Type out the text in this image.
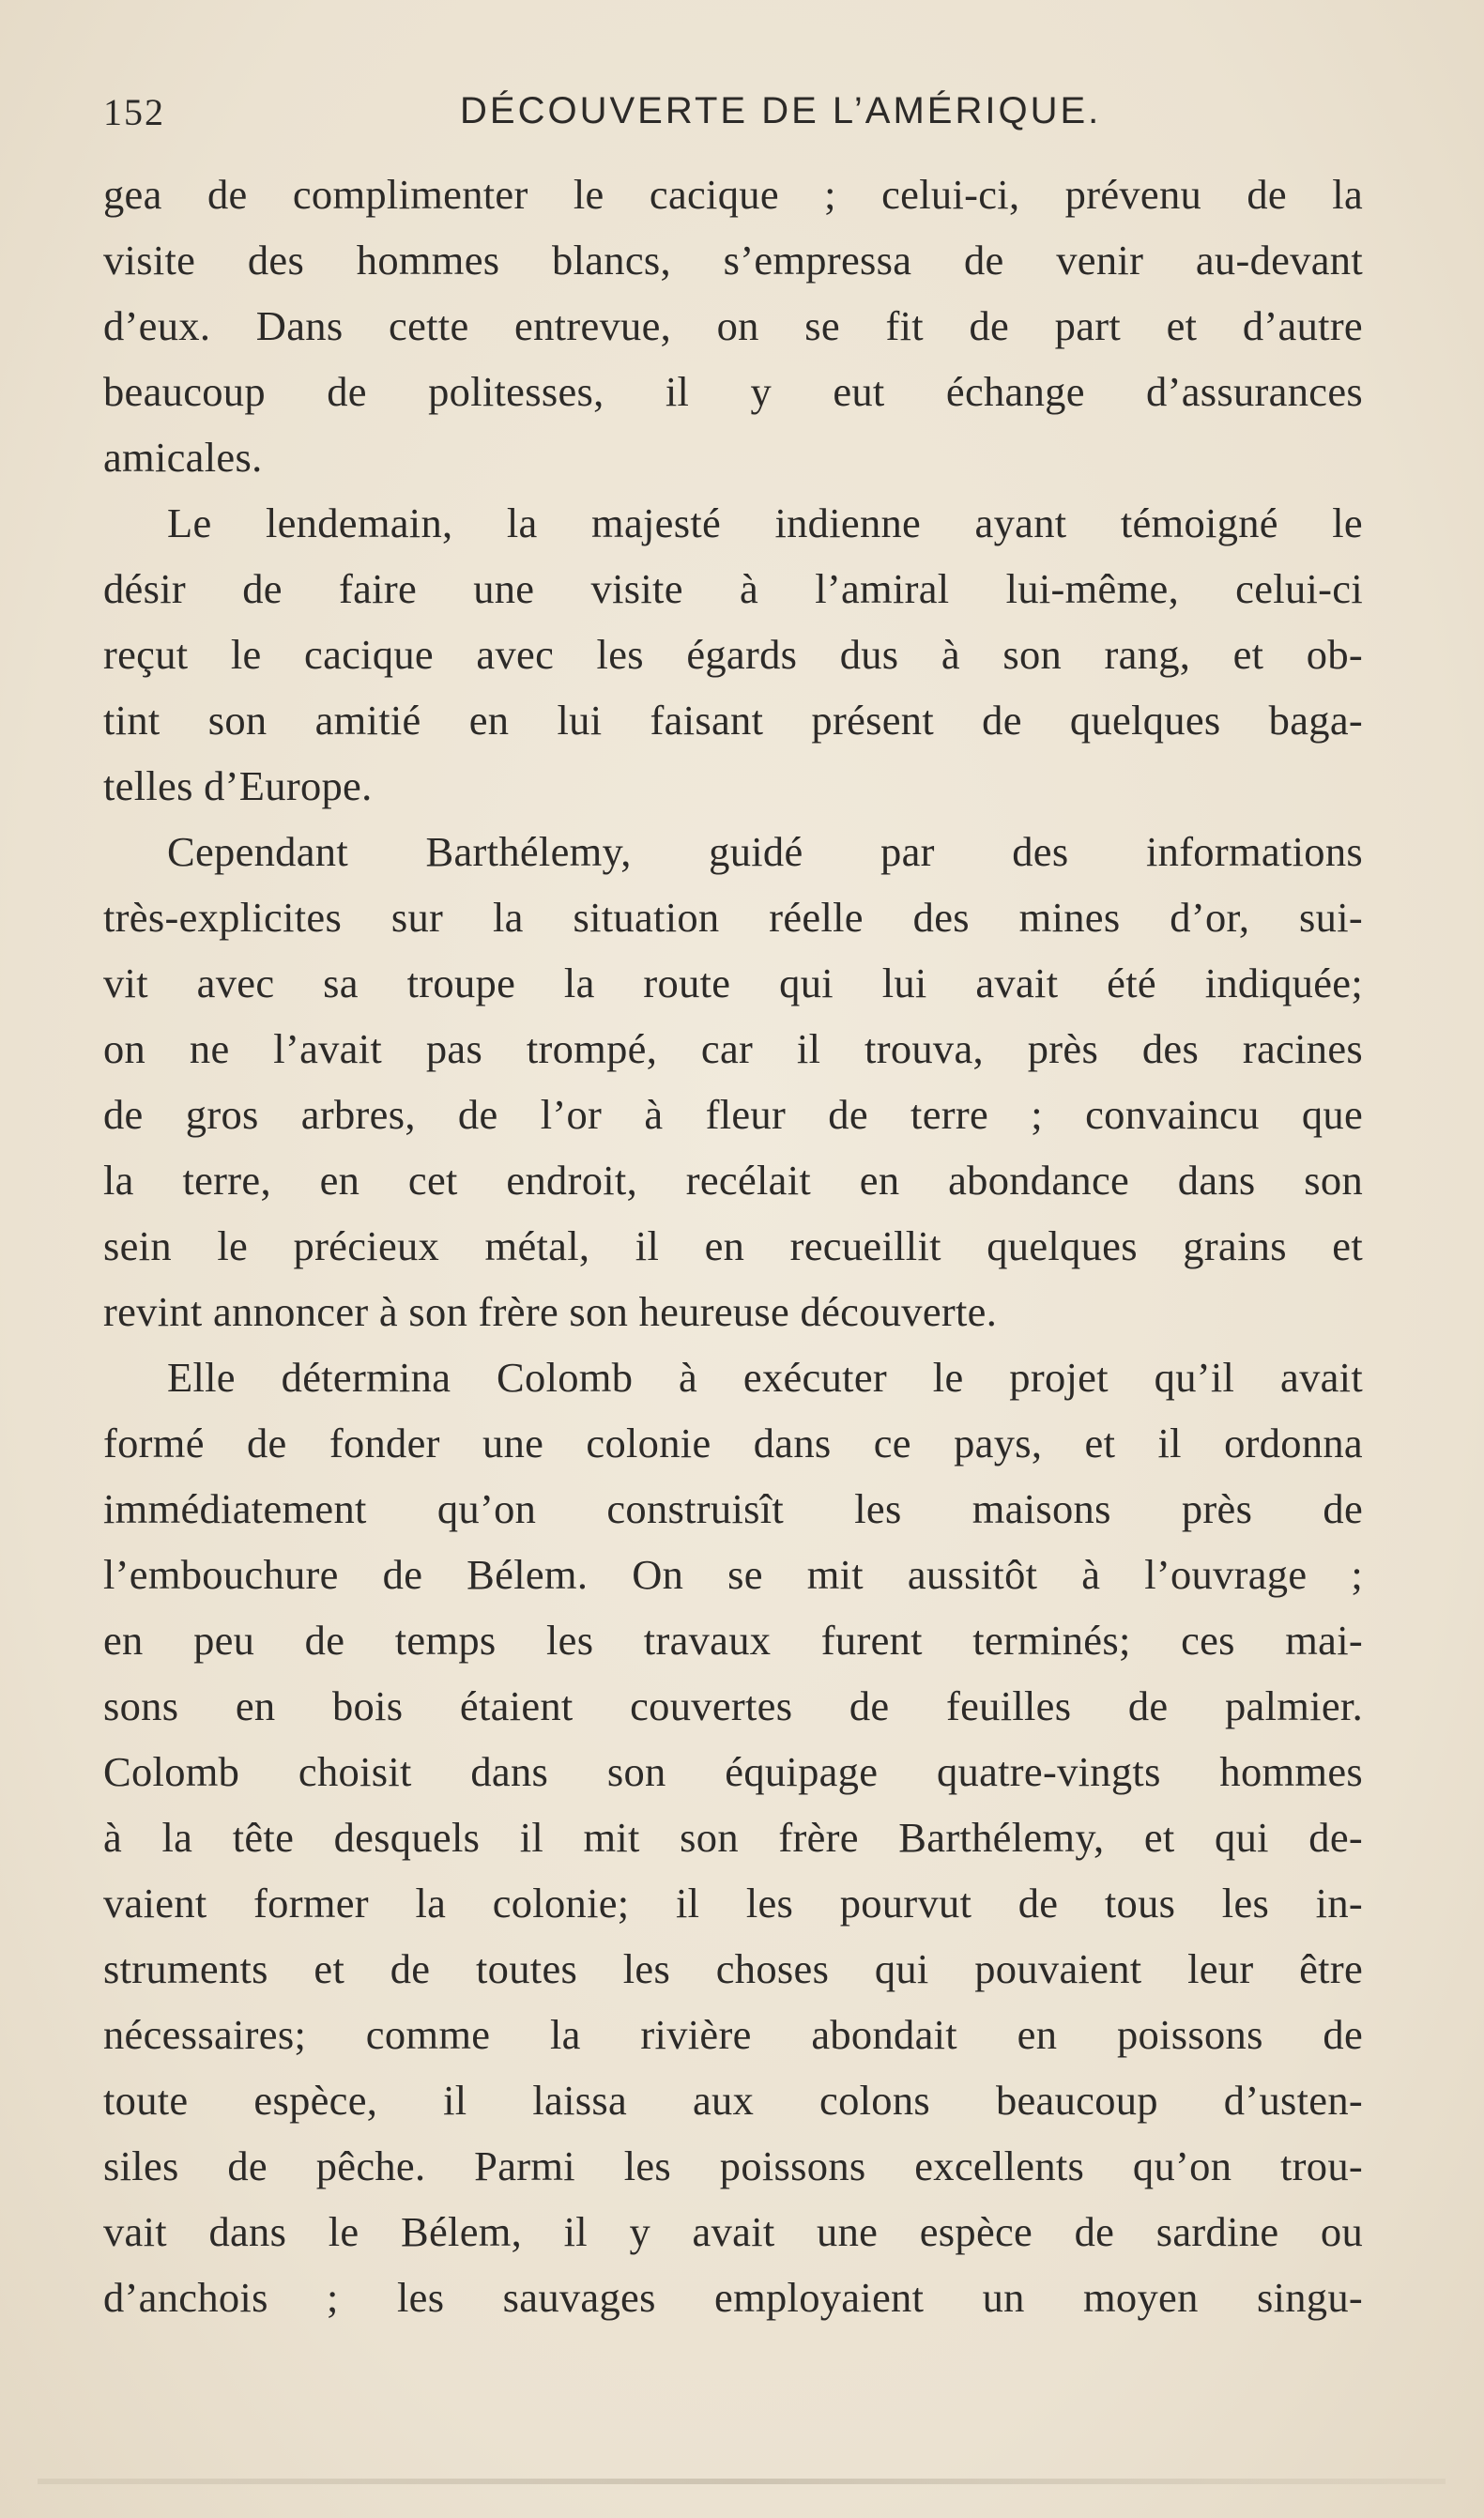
152	DÉCOUVERTE DE L’AMÉRIQUE.
gea de complimenter le cacique ; celui-ci, prévenu de la
visite des hommes blancs, s’empressa de venir au-devant
d’eux. Dans cette entrevue, on se fit de part et d’autre
beaucoup de politesses, il y eut échange d’assurances
amicales.
Le lendemain, la majesté indienne ayant témoigné le
désir de faire une visite à l’amiral lui-même, celui-ci
reçut le cacique avec les égards dus à son rang, et ob-
tint son amitié en lui faisant présent de quelques baga-
telles d’Europe.
Cependant Barthélemy, guidé par des informations
très-explicites sur la situation réelle des mines d’or, sui-
vit avec sa troupe la route qui lui avait été indiquée;
on ne l’avait pas trompé, car il trouva, près des racines
de gros arbres, de l’or à fleur de terre ; convaincu que
la terre, en cet endroit, recélait en abondance dans son
sein le précieux métal, il en recueillit quelques grains et
revint annoncer à son frère son heureuse découverte.
Elle détermina Colomb à exécuter le projet qu’il avait
formé de fonder une colonie dans ce pays, et il ordonna
immédiatement qu’on construisît les maisons près de
l’embouchure de Bélem. On se mit aussitôt à l’ouvrage ;
en peu de temps les travaux furent terminés; ces mai-
sons en bois étaient couvertes de feuilles de palmier.
Colomb choisit dans son équipage quatre-vingts hommes
à la tête desquels il mit son frère Barthélemy, et qui de-
vaient former la colonie; il les pourvut de tous les in-
struments et de toutes les choses qui pouvaient leur être
nécessaires; comme la rivière abondait en poissons de
toute espèce, il laissa aux colons beaucoup d’usten-
siles de pêche. Parmi les poissons excellents qu’on trou-
vait dans le Bélem, il y avait une espèce de sardine ou
d’anchois ; les sauvages employaient un moyen singu-
